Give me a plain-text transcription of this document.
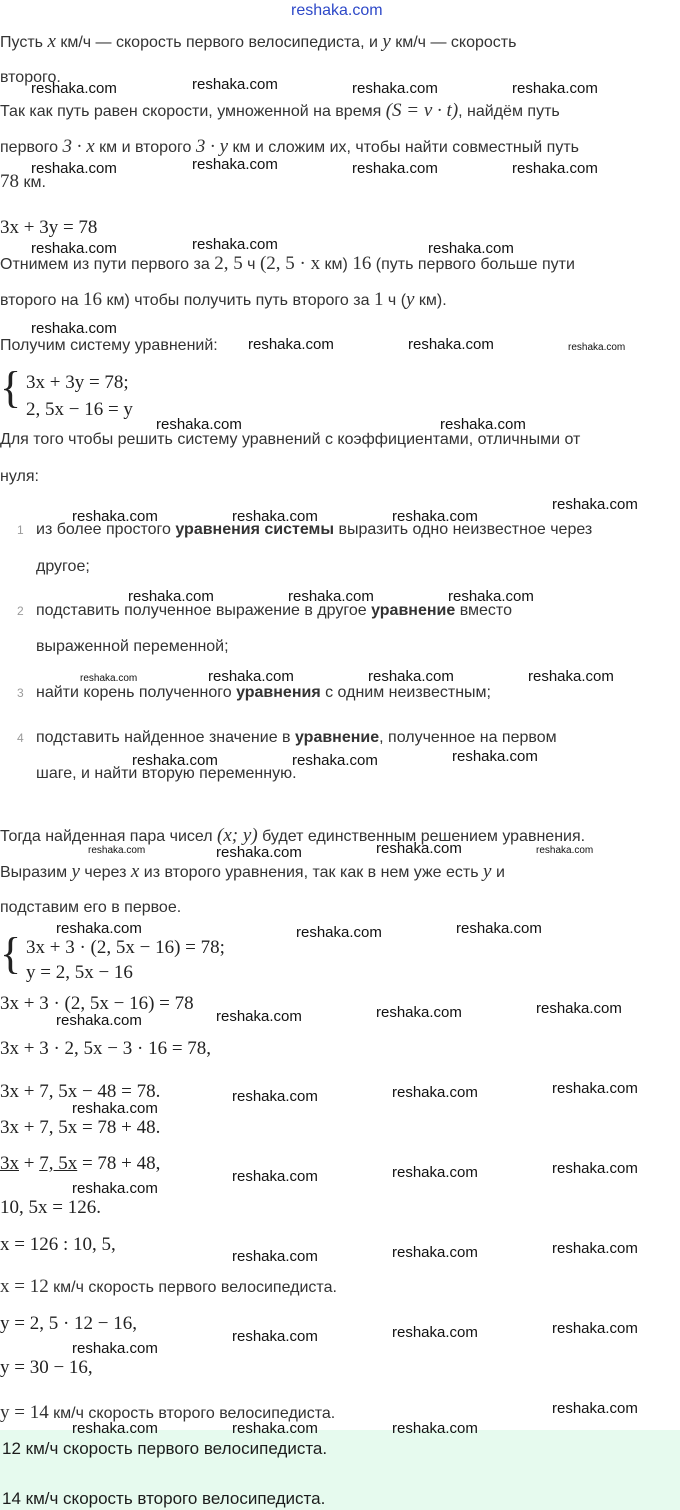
reshaka.com
Пусть x км/ч — скорость первого велосипедиста, и y км/ч — скорость
второго.
Так как путь равен скорости, умноженной на время (S = v · t), найдём путь
первого 3 · x км и второго 3 · y км и сложим их, чтобы найти совместный путь
78 км.
3x + 3y = 78
Отнимем из пути первого за 2, 5 ч (2, 5 · x км) 16 (путь первого больше пути
второго на 16 км) чтобы получить путь второго за 1 ч (y км).
Получим систему уравнений:
{ 3x + 3y = 78;
2, 5x − 16 = y
Для того чтобы решить систему уравнений с коэффициентами, отличными от
нуля:
1 из более простого уравнения системы выразить одно неизвестное через
другое;
2 подставить полученное выражение в другое уравнение вместо
выраженной переменной;
3 найти корень полученного уравнения с одним неизвестным;
4 подставить найденное значение в уравнение, полученное на первом
шаге, и найти вторую переменную.
Тогда найденная пара чисел (x; y) будет единственным решением уравнения.
Выразим y через x из второго уравнения, так как в нем уже есть y и
подставим его в первое.
{ 3x + 3 · (2, 5x − 16) = 78;
y = 2, 5x − 16
3x + 3 · (2, 5x − 16) = 78
3x + 3 · 2, 5x − 3 · 16 = 78,
3x + 7, 5x − 48 = 78.
3x + 7, 5x = 78 + 48.
3x + 7, 5x = 78 + 48,
10, 5x = 126.
x = 126 : 10, 5,
x = 12 км/ч скорость первого велосипедиста.
y = 2, 5 · 12 − 16,
y = 30 − 16,
y = 14 км/ч скорость второго велосипедиста.
12 км/ч скорость первого велосипедиста.
14 км/ч скорость второго велосипедиста.
reshaka.com	reshaka.com	reshaka.com	reshaka.com
reshaka.com	reshaka.com	reshaka.com	reshaka.com
reshaka.com	reshaka.com	reshaka.com
reshaka.com
reshaka.com	reshaka.com	reshaka.com
reshaka.com	reshaka.com
reshaka.com
reshaka.com	reshaka.com	reshaka.com
reshaka.com	reshaka.com	reshaka.com
reshaka.com	reshaka.com	reshaka.com	reshaka.com
reshaka.com	reshaka.com	reshaka.com
reshaka.com	reshaka.com	reshaka.com	reshaka.com
reshaka.com	reshaka.com
reshaka.com
reshaka.com
reshaka.com
reshaka.com
reshaka.com
reshaka.com
reshaka.com
reshaka.com
reshaka.com
reshaka.com
reshaka.com
reshaka.com
reshaka.com
reshaka.com
reshaka.com
reshaka.com
reshaka.com
reshaka.com
reshaka.com
reshaka.com
reshaka.com
reshaka.com	reshaka.com	reshaka.com
